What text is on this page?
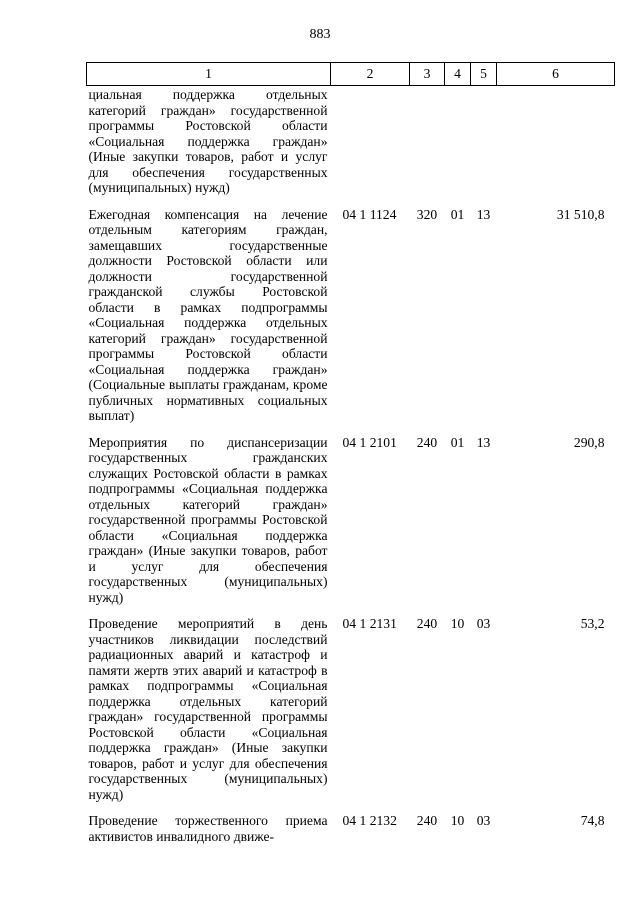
883
1	2	3	4	5	6
циальная поддержка отдельных категорий граждан» государственной программы Ростовской области «Социальная поддержка граждан» (Иные закупки товаров, работ и услуг для обеспечения государственных (муниципальных) нужд)					
Ежегодная компенсация на лечение отдельным категориям граждан, замещавших государственные должности Ростовской области или должности государственной гражданской службы Ростовской области в рамках подпрограммы «Социальная поддержка отдельных категорий граждан» государственной программы Ростовской области «Социальная поддержка граждан» (Социальные выплаты гражданам, кроме публичных нормативных социальных выплат)	04 1 1124	320	01	13	31 510,8
Мероприятия по диспансеризации государственных гражданских служащих Ростовской области в рамках подпрограммы «Социальная поддержка отдельных категорий граждан» государственной программы Ростовской области «Социальная поддержка граждан» (Иные закупки товаров, работ и услуг для обеспечения государственных (муниципальных) нужд)	04 1 2101	240	01	13	290,8
Проведение мероприятий в день участников ликвидации последствий радиационных аварий и катастроф и памяти жертв этих аварий и катастроф в рамках подпрограммы «Социальная поддержка отдельных категорий граждан» государственной программы Ростовской области «Социальная поддержка граждан» (Иные закупки товаров, работ и услуг для обеспечения государственных (муниципальных) нужд)	04 1 2131	240	10	03	53,2
Проведение торжественного приема активистов инвалидного движе-	04 1 2132	240	10	03	74,8
